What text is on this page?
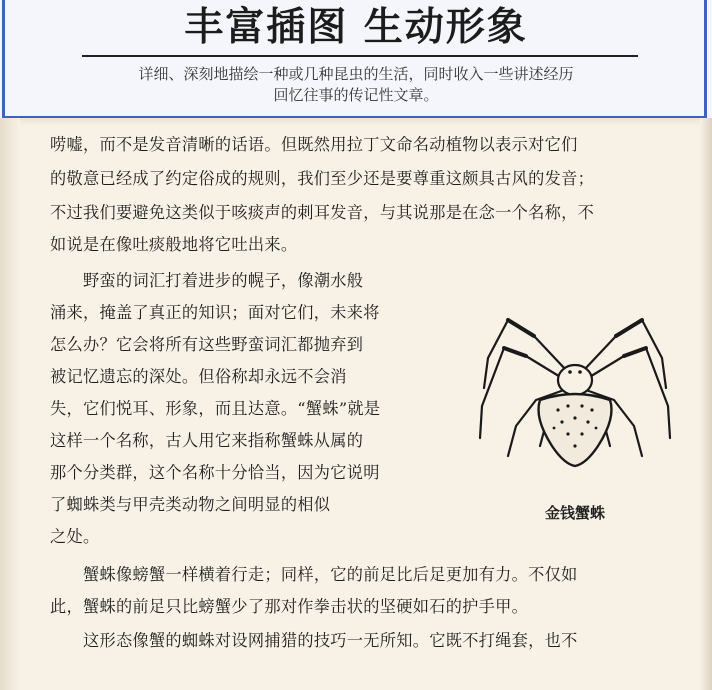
丰富插图 生动形象
详细、深刻地描绘一种或几种昆虫的生活，同时收入一些讲述经历
回忆往事的传记性文章。
唠嘘，而不是发音清晰的话语。但既然用拉丁文命名动植物以表示对它们
的敬意已经成了约定俗成的规则，我们至少还是要尊重这颇具古风的发音；
不过我们要避免这类似于咳痰声的刺耳发音，与其说那是在念一个名称，不
如说是在像吐痰般地将它吐出来。
野蛮的词汇打着进步的幌子，像潮水般
涌来，掩盖了真正的知识；面对它们，未来将
怎么办？它会将所有这些野蛮词汇都抛弃到
被记忆遗忘的深处。但俗称却永远不会消
失，它们悦耳、形象，而且达意。“蟹蛛”就是
这样一个名称，古人用它来指称蟹蛛从属的
那个分类群，这个名称十分恰当，因为它说明
了蜘蛛类与甲壳类动物之间明显的相似
之处。
蟹蛛像螃蟹一样横着行走；同样，它的前足比后足更加有力。不仅如
此，蟹蛛的前足只比螃蟹少了那对作拳击状的坚硬如石的护手甲。
这形态像蟹的蜘蛛对设网捕猎的技巧一无所知。它既不打绳套，也不
金钱蟹蛛
